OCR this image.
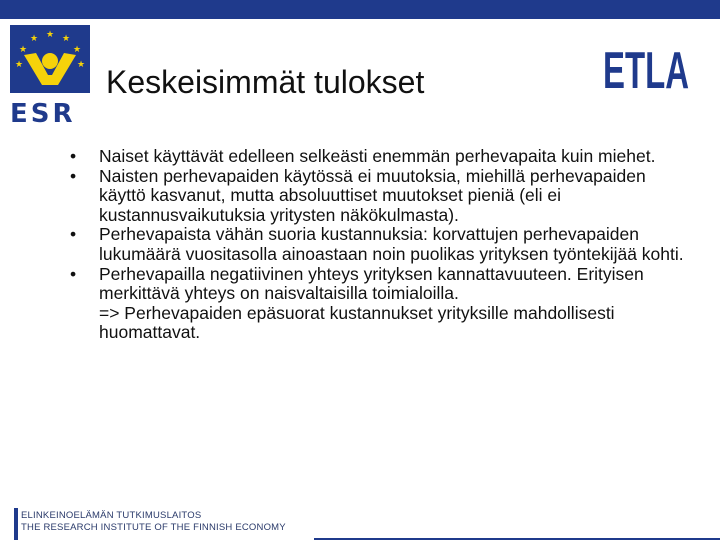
★
★	★
★	★
★	★
ESR
Keskeisimmät tulokset	ETLA
• Naiset käyttävät edelleen selkeästi enemmän perhevapaita kuin miehet.
• Naisten perhevapaiden käytössä ei muutoksia, miehillä perhevapaiden käyttö kasvanut, mutta absoluuttiset muutokset pieniä (eli ei kustannusvaikutuksia yritysten näkökulmasta).
• Perhevapaista vähän suoria kustannuksia: korvattujen perhevapaiden lukumäärä vuositasolla ainoastaan noin puolikas yrityksen työntekijää kohti.
• Perhevapailla negatiivinen yhteys yrityksen kannattavuuteen. Erityisen merkittävä yhteys on naisvaltaisilla toimialoilla.
=> Perhevapaiden epäsuorat kustannukset yrityksille mahdollisesti huomattavat.
ELINKEINOELÄMÄN TUTKIMUSLAITOS
THE RESEARCH INSTITUTE OF THE FINNISH ECONOMY
